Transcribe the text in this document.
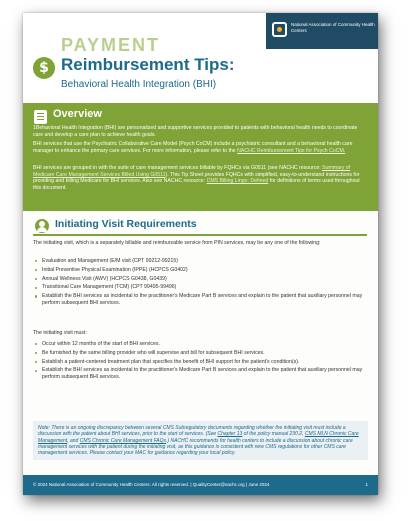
$
PAYMENT
Reimbursement Tips:
Behavioral Health Integration (BHI)
National Association of Community Health Centers
Overview

1Behavioral Health Integration (BHI) are personalized and supportive services provided to patients with behavioral health needs to coordinate care and develop a care plan to achieve health goals.

BHI services that use the Psychiatric Collaborative Care Model (Psych CoCM) include a psychiatric consultant and a behavioral health care manager to enhance the primary care services. For more information, please refer to the NACHC Reimbursement Tips for Psych CoCM.

BHI services are grouped in with the suite of care management services billable by FQHCs via G0511 (see NACHC resource: Summary of Medicare Care Management Services Billed Using G0511). This Tip Sheet provides FQHCs with simplified, easy-to-understand instructions for providing and billing Medicare for BHI services. Also see NACHC resource: CMS Billing Lingo: Defined for definitions of terms used throughout this document.

Initiating Visit Requirements

The initiating visit, which is a separately billable and reimbursable service from PIN services, may be any one of the following:

Evaluation and Management (E/M visit (CPT 99212-99215)
Initial Preventive Physical Examination (IPPE) (HCPCS G0402)
Annual Wellness Visit (AWV) (HCPCS G0438, G0439)
Transitional Care Management (TCM) (CPT 99495-99496)
Establish the BHI services as incidental to the practitioner's Medicare Part B services and explain to the patient that auxiliary personnel may perform subsequent BHI services.

The initiating visit must:

Occur within 12 months of the start of BHI services.
Be furnished by the same billing provider who will supervise and bill for subsequent BHI services.
Establish a patient-centered treatment plan that specifies the benefit of BHI support for the patient's condition(s).
Establish the BHI services as incidental to the practitioner's Medicare Part B services and explain to the patient that auxiliary personnel may perform subsequent BHI services.

Note: There is an ongoing discrepancy between several CMS Subregulatory documents regarding whether the initiating visit must include a discussion with the patient about BHI services, prior to the start of services. (See Chapter 13 of the policy manual 230.2, CMS MLN Chronic Care Management, and CMS Chronic Care Management FAQs.) NACHC recommends for health centers to include a discussion about chronic care management services with the patient during the initiating visit, as this guidance is consistent with new CMS regulations for other CMS care management services. Please contact your MAC for guidance regarding your local policy.

© 2024 National Association of Community Health Centers. All rights reserved. | QualityCenter@nachc.org | June 2024	1
